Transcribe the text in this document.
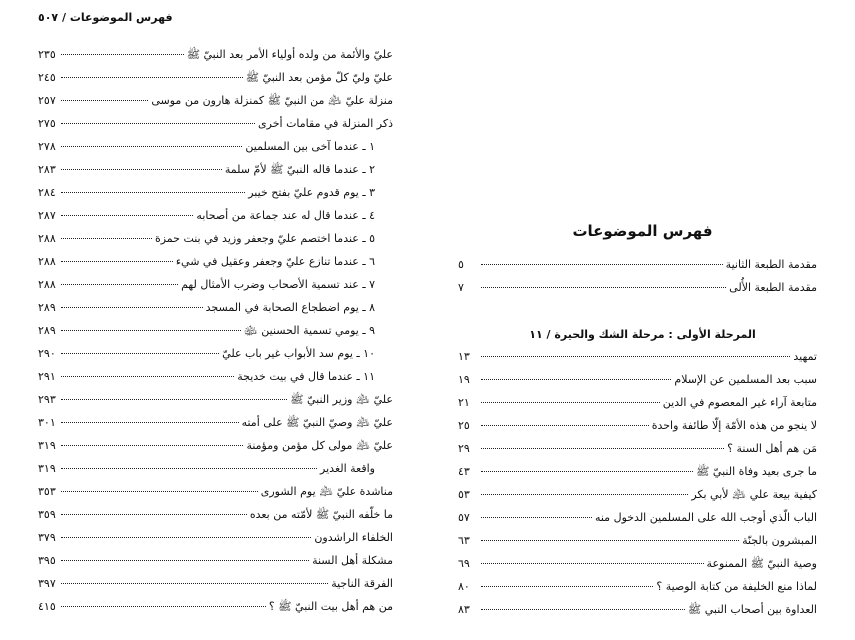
فهرس الموضوعات / ٥٠٧
عليّ والأئمة من ولده أولياء الأمر بعد النبيّ ﷺ
٢٣٥
عليّ وليّ كلّ مؤمن بعد النبيّ ﷺ
٢٤٥
منزلة عليّ ﵇ من النبيّ ﷺ كمنزلة هارون من موسى
٢٥٧
ذكر المنزلة في مقامات أخرى
٢٧٥
١ ـ عندما آخى بين المسلمين
٢٧٨
٢ ـ عندما قاله النبيّ ﷺ لأمّ سلمة
٢٨٣
٣ ـ يوم قدوم عليّ بفتح خيبر
٢٨٤
٤ ـ عندما قال له عند جماعة من أصحابه
٢٨٧
٥ ـ عندما اختصم عليّ وجعفر وزيد في بنت حمزة
٢٨٨
٦ ـ عندما تنازع عليّ وجعفر وعقيل في شيء
٢٨٨
٧ ـ عند تسمية الأصحاب وضرب الأمثال لهم
٢٨٨
٨ ـ يوم اضطجاع الصحابة في المسجد
٢٨٩
٩ ـ يومي تسمية الحسنين ﵉
٢٨٩
١٠ ـ يوم سد الأبواب غير باب عليّ
٢٩٠
١١ ـ عندما قال في بيت خديجة
٢٩١
عليّ ﵇ وزير النبيّ ﷺ
٢٩٣
عليّ ﵇ وصيّ النبيّ ﷺ على أمته
٣٠١
عليّ ﵇ مولى كل مؤمن ومؤمنة
٣١٩
واقعة الغدير
٣١٩
مناشدة عليّ ﵇ يوم الشورى
٣٥٣
ما خلّفه النبيّ ﷺ لأمّته من بعده
٣٥٩
الخلفاء الراشدون
٣٧٩
مشكلة أهل السنة
٣٩٥
الفرقة الناجية
٣٩٧
من هم أهل بيت النبيّ ﷺ ؟
٤١٥
فهرس الموضوعات
مقدمة الطبعة الثانية
٥
مقدمة الطبعة الأُلى
٧
المرحلة الأولى : مرحلة الشك والحيرة / ١١
تمهيد
١٣
سبب بعد المسلمين عن الإسلام
١٩
متابعة آراء غير المعصوم في الدين
٢١
لا ينجو من هذه الأمّة إلّا طائفة واحدة
٢٥
مَن هم أهل السنة ؟
٢٩
ما جرى بعيد وفاة النبيّ ﷺ
٤٣
كيفية بيعة علي ﵇ لأبي بكر
٥٣
الباب الّذي أوجب الله على المسلمين الدخول منه
٥٧
المبشرون بالجنّة
٦٣
وصية النبيّ ﷺ الممنوعة
٦٩
لماذا منع الخليفة من كتابة الوصية ؟
٨٠
العداوة بين أصحاب النبي ﷺ
٨٣
